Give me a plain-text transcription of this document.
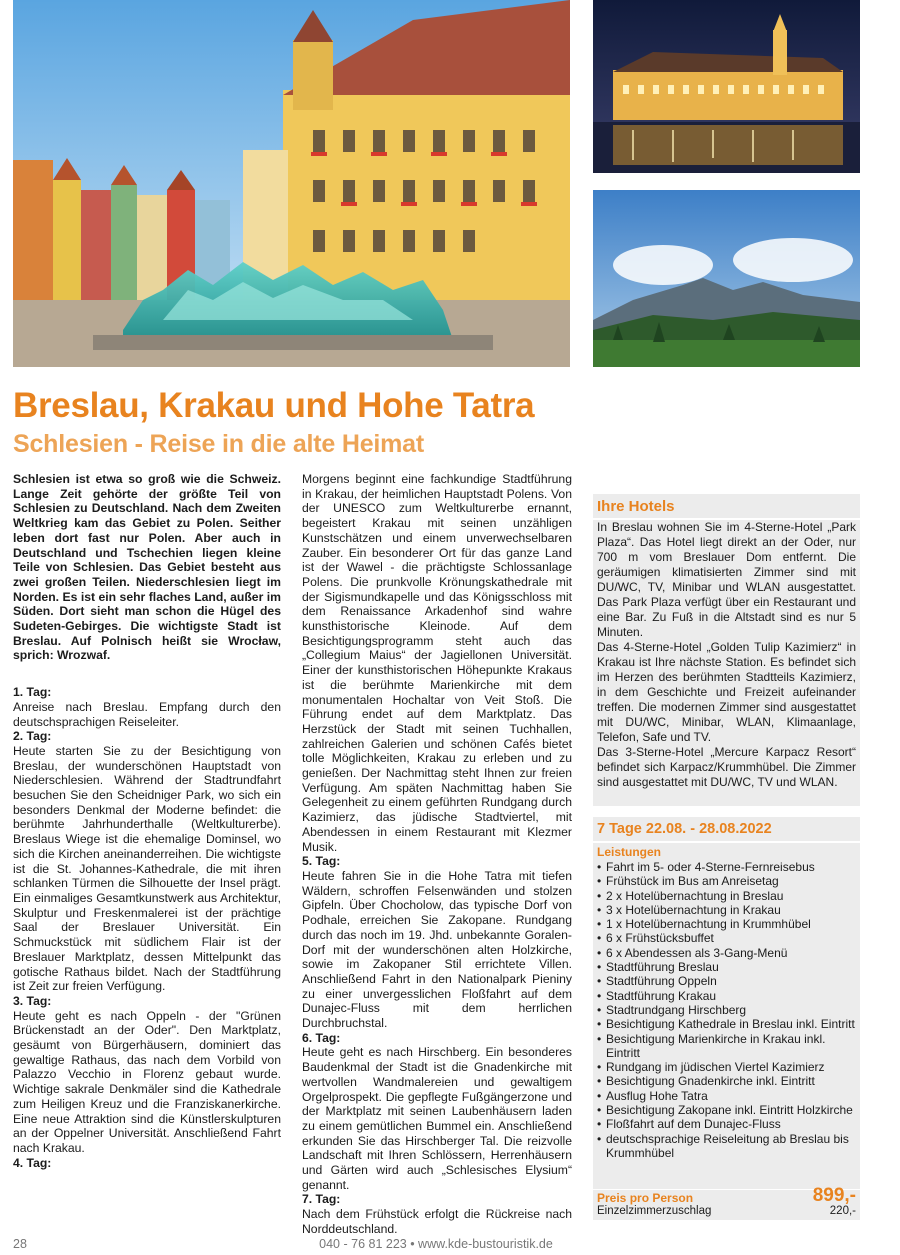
Breslau, Krakau und Hohe Tatra
Schlesien - Reise in die alte Heimat

Schlesien ist etwa so groß wie die Schweiz. Lange Zeit gehörte der größte Teil von Schlesien zu Deutschland. Nach dem Zweiten Weltkrieg kam das Gebiet zu Polen. Seither leben dort fast nur Polen. Aber auch in Deutschland und Tschechien liegen kleine Teile von Schlesien. Das Gebiet besteht aus zwei großen Teilen. Niederschlesien liegt im Norden. Es ist ein sehr flaches Land, außer im Süden. Dort sieht man schon die Hügel des Sudeten-Gebirges. Die wichtigste Stadt ist Breslau. Auf Polnisch heißt sie Wrocław, sprich: Wrozwaf.

1. Tag:

Anreise nach Breslau. Empfang durch den deutschsprachigen Reiseleiter.

2. Tag:

Heute starten Sie zu der Besichtigung von Breslau, der wunderschönen Hauptstadt von Niederschlesien. Während der Stadtrundfahrt besuchen Sie den Scheidniger Park, wo sich ein besonders Denkmal der Moderne befindet: die berühmte Jahrhunderthalle (Weltkulturerbe). Breslaus Wiege ist die ehemalige Dominsel, wo sich die Kirchen aneinanderreihen. Die wichtigste ist die St. Johannes-Kathedrale, die mit ihren schlanken Türmen die Silhouette der Insel prägt. Ein einmaliges Gesamtkunstwerk aus Architektur, Skulptur und Freskenmalerei ist der prächtige Saal der Breslauer Universität. Ein Schmuckstück mit südlichem Flair ist der Breslauer Marktplatz, dessen Mittelpunkt das gotische Rathaus bildet. Nach der Stadtführung ist Zeit zur freien Verfügung.

3. Tag:

Heute geht es nach Oppeln - der "Grünen Brückenstadt an der Oder". Den Marktplatz, gesäumt von Bürgerhäusern, dominiert das gewaltige Rathaus, das nach dem Vorbild von Palazzo Vecchio in Florenz gebaut wurde. Wichtige sakrale Denkmäler sind die Kathedrale zum Heiligen Kreuz und die Franziskanerkirche. Eine neue Attraktion sind die Künstlerskulpturen an der Oppelner Universität. Anschließend Fahrt nach Krakau.

4. Tag:

Morgens beginnt eine fachkundige Stadtführung in Krakau, der heimlichen Hauptstadt Polens. Von der UNESCO zum Weltkulturerbe ernannt, begeistert Krakau mit seinen unzähligen Kunstschätzen und einem unverwechselbaren Zauber. Ein besonderer Ort für das ganze Land ist der Wawel - die prächtigste Schlossanlage Polens. Die prunkvolle Krönungskathedrale mit der Sigismundkapelle und das Königsschloss mit dem Renaissance Arkadenhof sind wahre kunsthistorische Kleinode. Auf dem Besichtigungsprogramm steht auch das „Collegium Maius“ der Jagiellonen Universität. Einer der kunsthistorischen Höhepunkte Krakaus ist die berühmte Marienkirche mit dem monumentalen Hochaltar von Veit Stoß. Die Führung endet auf dem Marktplatz. Das Herzstück der Stadt mit seinen Tuchhallen, zahlreichen Galerien und schönen Cafés bietet tolle Möglichkeiten, Krakau zu erleben und zu genießen. Der Nachmittag steht Ihnen zur freien Verfügung. Am späten Nachmittag haben Sie Gelegenheit zu einem geführten Rundgang durch Kazimierz, das jüdische Stadtviertel, mit Abendessen in einem Restaurant mit Klezmer Musik.

5. Tag:

Heute fahren Sie in die Hohe Tatra mit tiefen Wäldern, schroffen Felsenwänden und stolzen Gipfeln. Über Chocholow, das typische Dorf von Podhale, erreichen Sie Zakopane. Rundgang durch das noch im 19. Jhd. unbekannte Goralen-Dorf mit der wunderschönen alten Holzkirche, sowie im Zakopaner Stil errichtete Villen. Anschließend Fahrt in den Nationalpark Pieniny zu einer unvergesslichen Floßfahrt auf dem Dunajec-Fluss mit dem herrlichen Durchbruchstal.

6. Tag:

Heute geht es nach Hirschberg. Ein besonderes Baudenkmal der Stadt ist die Gnadenkirche mit wertvollen Wandmalereien und gewaltigem Orgelprospekt. Die gepflegte Fußgängerzone und der Marktplatz mit seinen Laubenhäusern laden zu einem gemütlichen Bummel ein. Anschließend erkunden Sie das Hirschberger Tal. Die reizvolle Landschaft mit Ihren Schlössern, Herrenhäusern und Gärten wird auch „Schlesisches Elysium“ genannt.

7. Tag:

Nach dem Frühstück erfolgt die Rückreise nach Norddeutschland.

Ihre Hotels

In Breslau wohnen Sie im 4-Sterne-Hotel „Park Plaza“. Das Hotel liegt direkt an der Oder, nur 700 m vom Breslauer Dom entfernt. Die geräumigen klimatisierten Zimmer sind mit DU/WC, TV, Minibar und WLAN ausgestattet. Das Park Plaza verfügt über ein Restaurant und eine Bar. Zu Fuß in die Altstadt sind es nur 5 Minuten.

Das 4-Sterne-Hotel „Golden Tulip Kazimierz“ in Krakau ist Ihre nächste Station. Es befindet sich im Herzen des berühmten Stadtteils Kazimierz, in dem Geschichte und Freizeit aufeinander treffen. Die modernen Zimmer sind ausgestattet mit DU/WC, Minibar, WLAN, Klimaanlage, Telefon, Safe und TV.

Das 3-Sterne-Hotel „Mercure Karpacz Resort“ befindet sich Karpacz/Krummhübel. Die Zimmer sind ausgestattet mit DU/WC, TV und WLAN.

7 Tage 22.08. - 28.08.2022
Leistungen
• Fahrt im 5- oder 4-Sterne-Fernreisebus
• Frühstück im Bus am Anreisetag
• 2 x Hotelübernachtung in Breslau
• 3 x Hotelübernachtung in Krakau
• 1 x Hotelübernachtung in Krummhübel
• 6 x Frühstücksbuffet
• 6 x Abendessen als 3-Gang-Menü
• Stadtführung Breslau
• Stadtführung Oppeln
• Stadtführung Krakau
• Stadtrundgang Hirschberg
• Besichtigung Kathedrale in Breslau inkl. Eintritt
• Besichtigung Marienkirche in Krakau inkl. Eintritt
• Rundgang im jüdischen Viertel Kazimierz
• Besichtigung Gnadenkirche inkl. Eintritt
• Ausflug Hohe Tatra
• Besichtigung Zakopane inkl. Eintritt Holzkirche
• Floßfahrt auf dem Dunajec-Fluss
• deutschsprachige Reiseleitung ab Breslau bis Krummhübel
Preis pro Person	899,-
Einzelzimmerzuschlag	220,-
28	040 - 76 81 223 • www.kde-bustouristik.de
